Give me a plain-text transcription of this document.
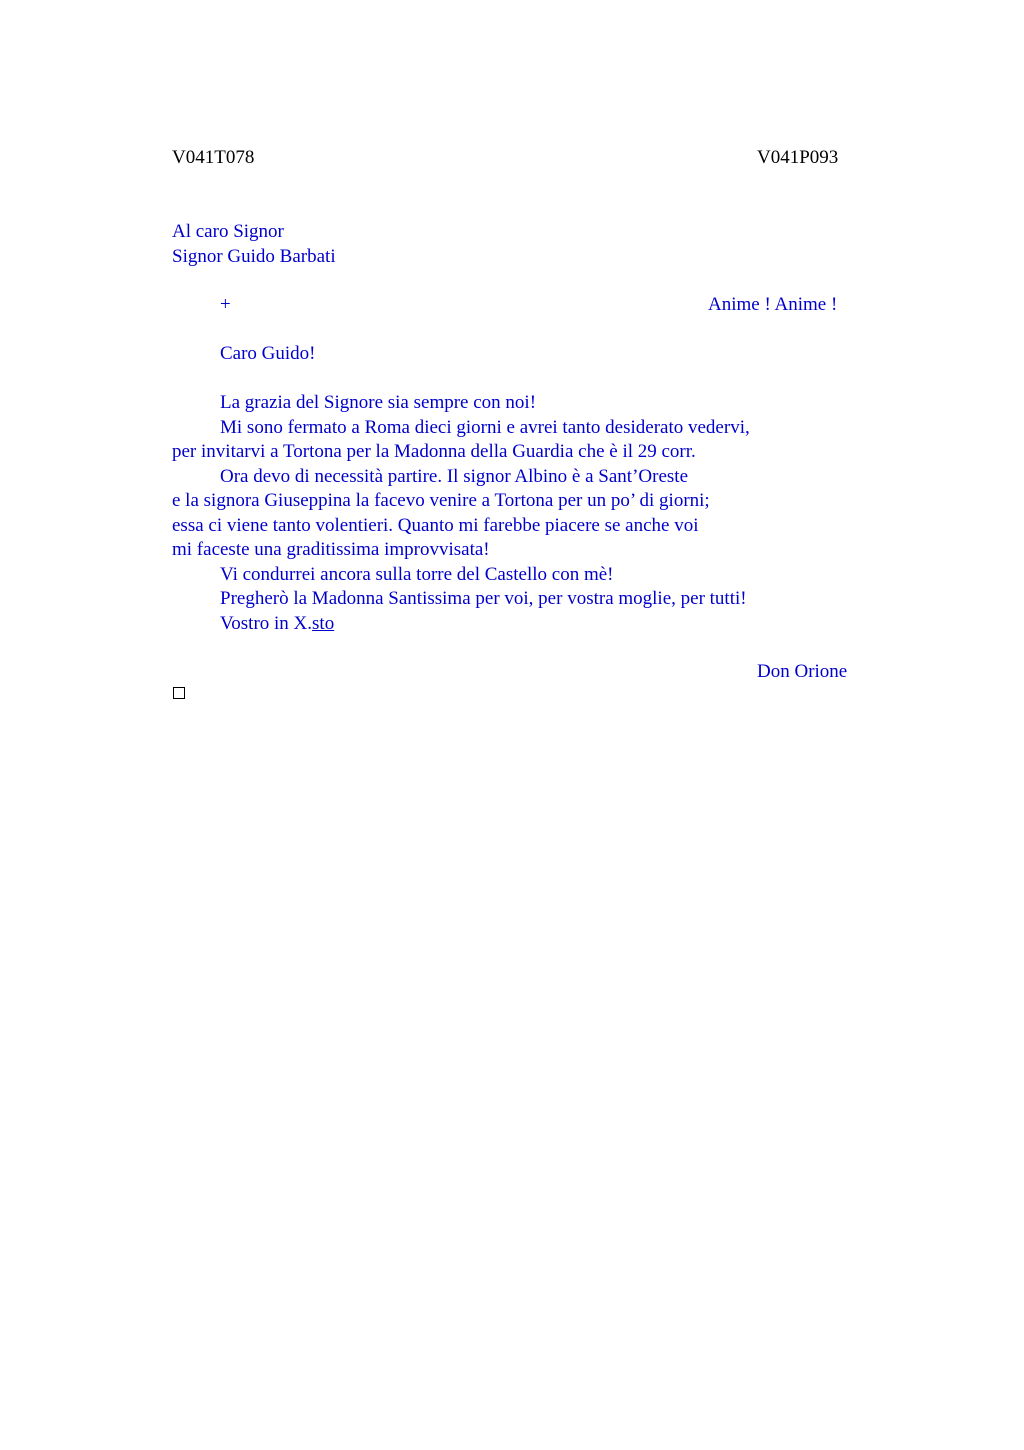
V041T078	V041P093
Al caro Signor
Signor Guido Barbati
+	Anime ! Anime !
Caro Guido!
La grazia del Signore sia sempre con noi!
Mi sono fermato a Roma dieci giorni e avrei tanto desiderato vedervi,
per invitarvi a Tortona per la Madonna della Guardia che è il 29 corr.
Ora devo di necessità partire. Il signor Albino è a Sant’Oreste
e la signora Giuseppina la facevo venire a Tortona per un po’ di giorni;
essa ci viene tanto volentieri. Quanto mi farebbe piacere se anche voi
mi faceste una graditissima improvvisata!
Vi condurrei ancora sulla torre del Castello con mè!
Pregherò la Madonna Santissima per voi, per vostra moglie, per tutti!
Vostro in X.sto
Don Orione
